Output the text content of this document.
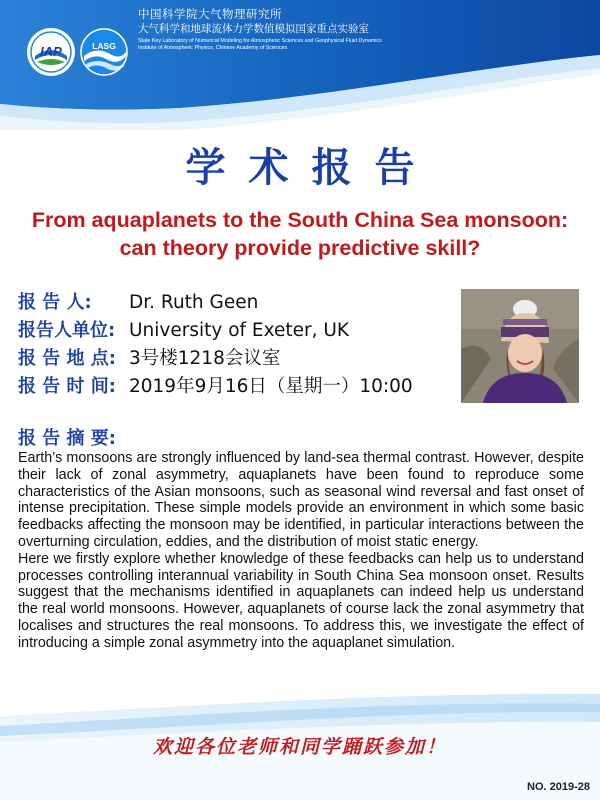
IAP	LASG
中国科学院大气物理研究所
大气科学和地球流体力学数值模拟国家重点实验室
State Key Laboratory of Numerical Modeling for Atmospheric Sciences and Geophysical Fluid Dynamics
Institute of Atmospheric Physics, Chinese Academy of Sciences
学术报告
From aquaplanets to the South China Sea monsoon:
can theory provide predictive skill?
报 告 人: Dr. Ruth Geen
报告人单位: University of Exeter, UK
报 告 地 点: 3号楼1218会议室
报 告 时 间: 2019年9月16日（星期一）10:00
报 告 摘 要:

Earth’s monsoons are strongly influenced by land-sea thermal contrast. However, despite their lack of zonal asymmetry, aquaplanets have been found to reproduce some characteristics of the Asian monsoons, such as seasonal wind reversal and fast onset of intense precipitation. These simple models provide an environment in which some basic feedbacks affecting the monsoon may be identified, in particular interactions between the overturning circulation, eddies, and the distribution of moist static energy.

Here we firstly explore whether knowledge of these feedbacks can help us to understand processes controlling interannual variability in South China Sea monsoon onset. Results suggest that the mechanisms identified in aquaplanets can indeed help us understand the real world monsoons. However, aquaplanets of course lack the zonal asymmetry that localises and structures the real monsoons. To address this, we investigate the effect of introducing a simple zonal asymmetry into the aquaplanet simulation.

欢迎各位老师和同学踊跃参加！
NO. 2019-28
